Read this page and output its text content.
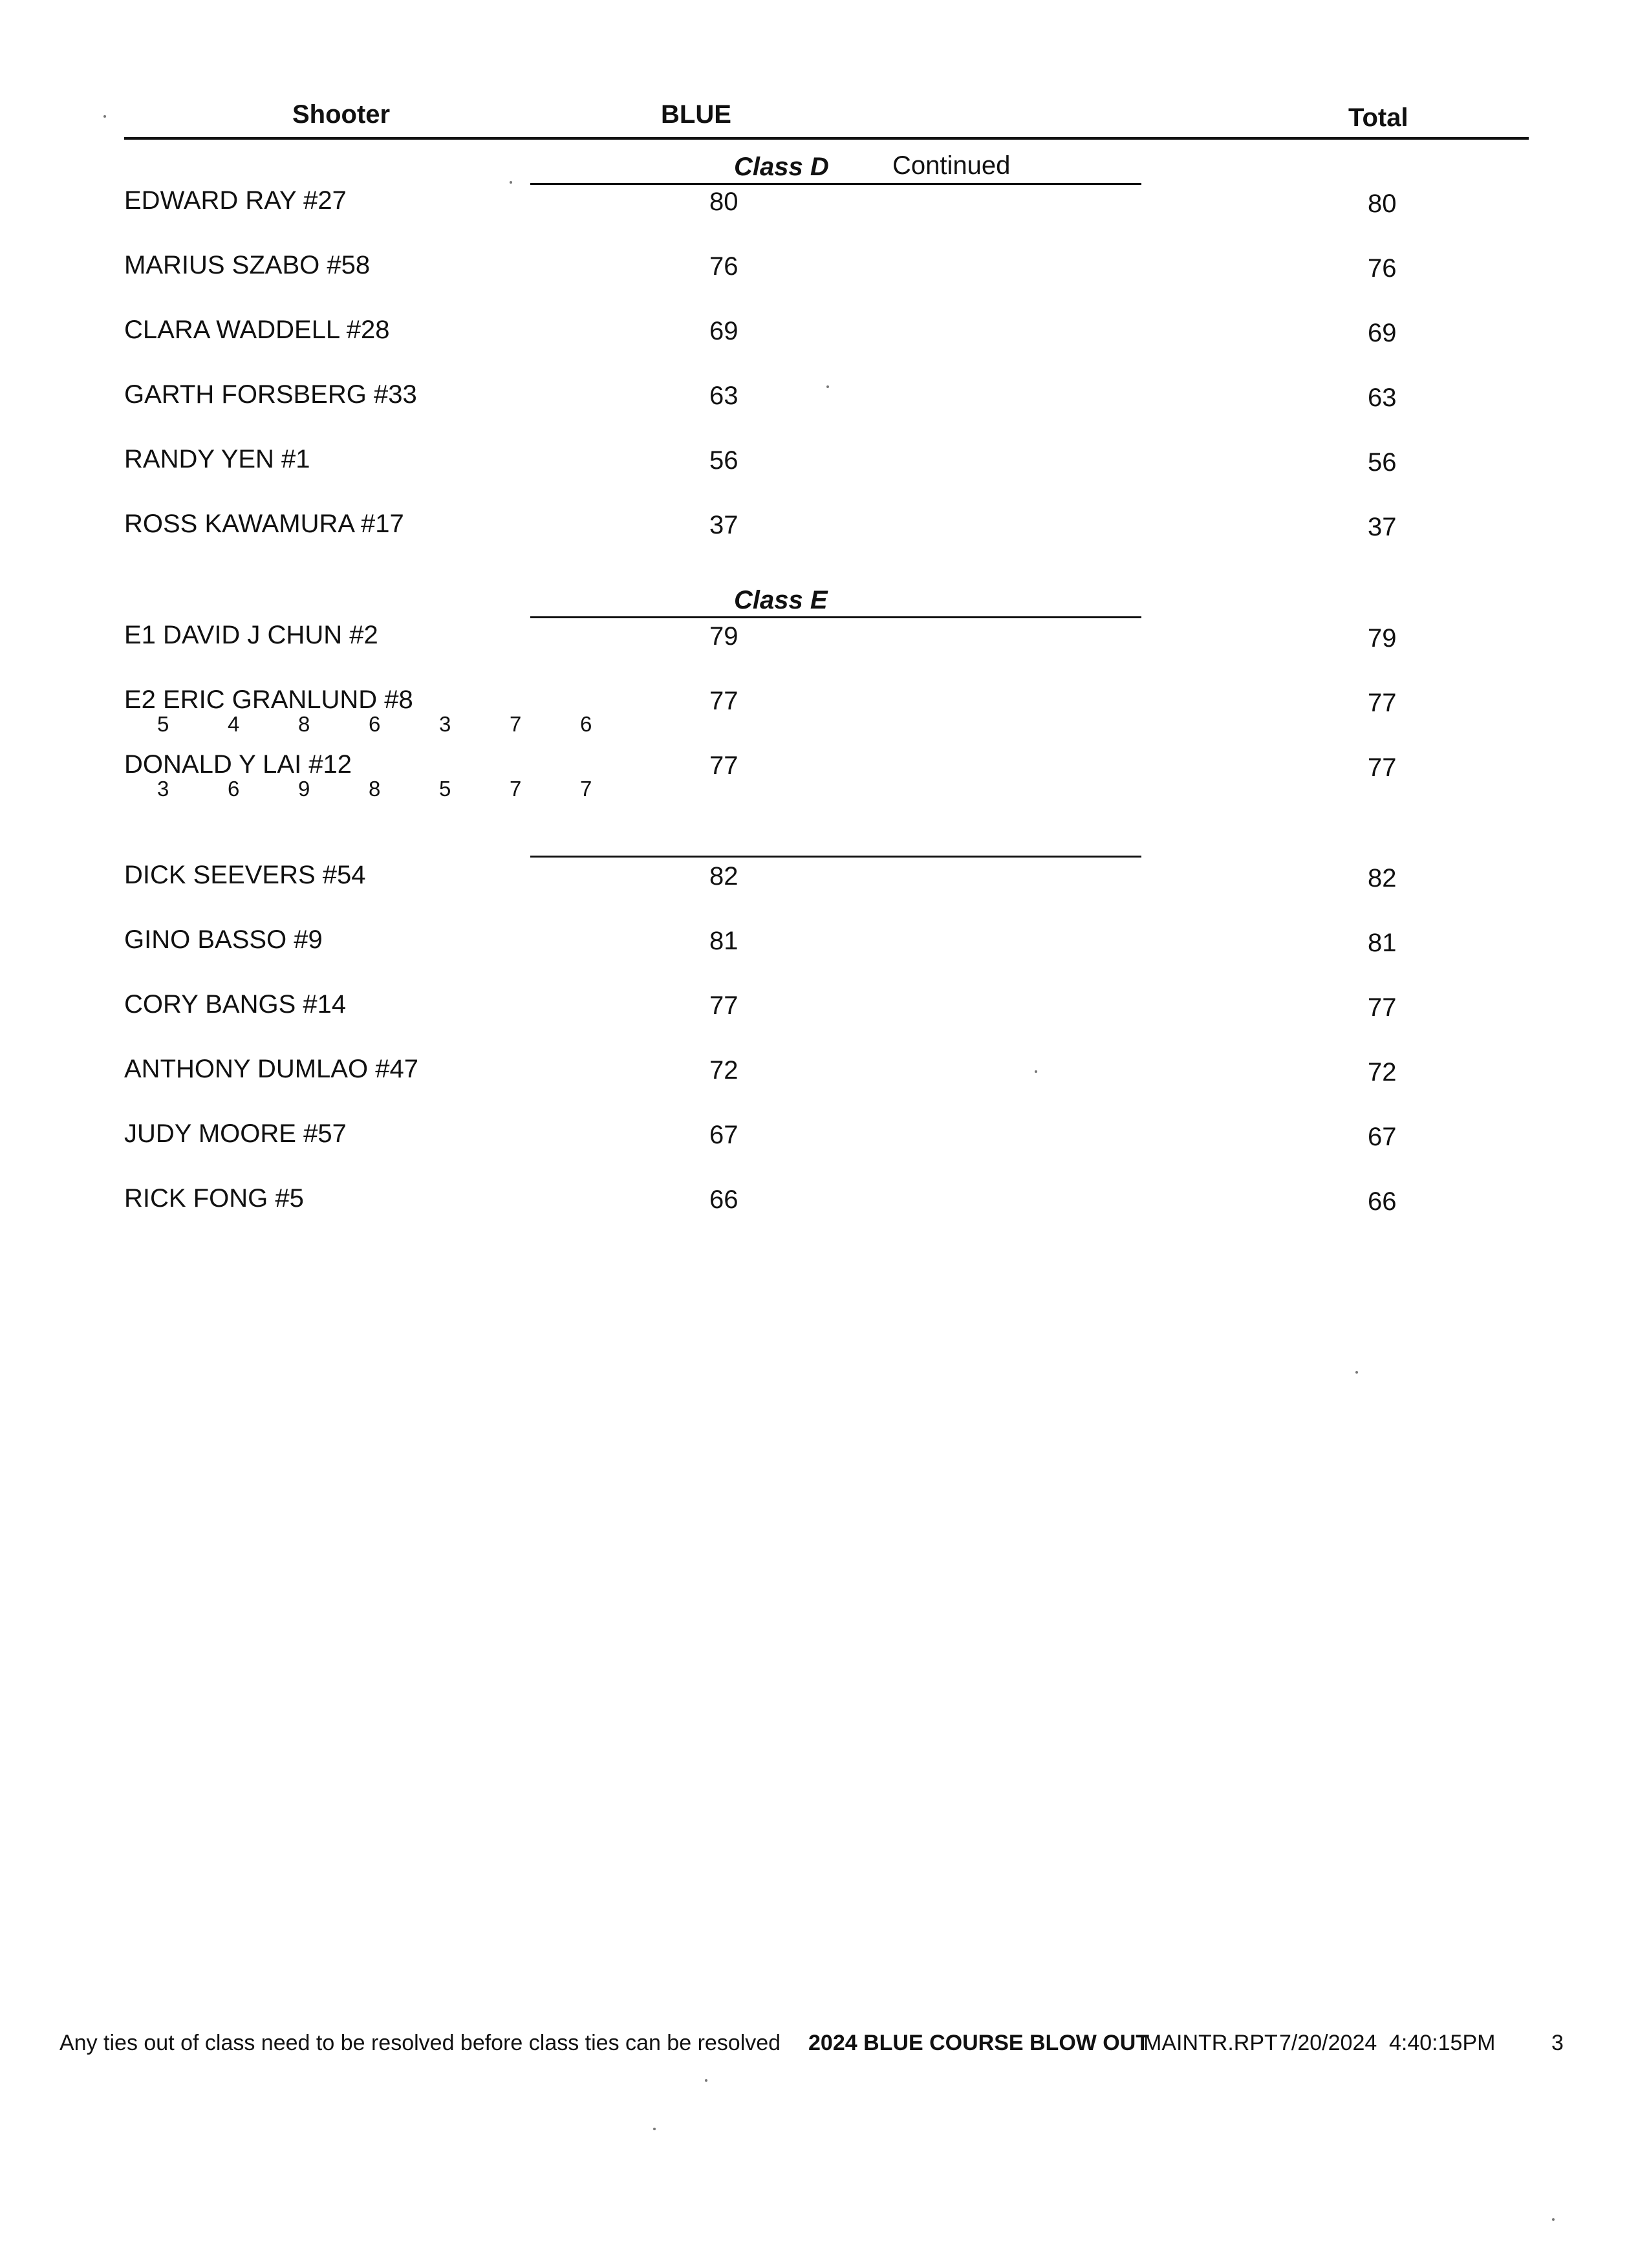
Shooter	BLUE	Total
Class D Continued
EDWARD RAY #27	80	80
MARIUS SZABO #58	76	76
CLARA WADDELL #28	69	69
GARTH FORSBERG #33	63	63
RANDY YEN #1	56	56
ROSS KAWAMURA #17	37	37
Class E
E1 DAVID J CHUN #2	79	79
E2 ERIC GRANLUND #8	77	77
5	4	8	6	3	7	6
DONALD Y LAI #12	77	77
3	6	9	8	5	7	7
DICK SEEVERS #54	82	82
GINO BASSO #9	81	81
CORY BANGS #14	77	77
ANTHONY DUMLAO #47	72	72
JUDY MOORE #57	67	67
RICK FONG #5	66	66
Any ties out of class need to be resolved before class ties can be resolved 2024 BLUE COURSE BLOW OUT
MAINTR.RPT 7/20/2024 4:40:15PM	3
